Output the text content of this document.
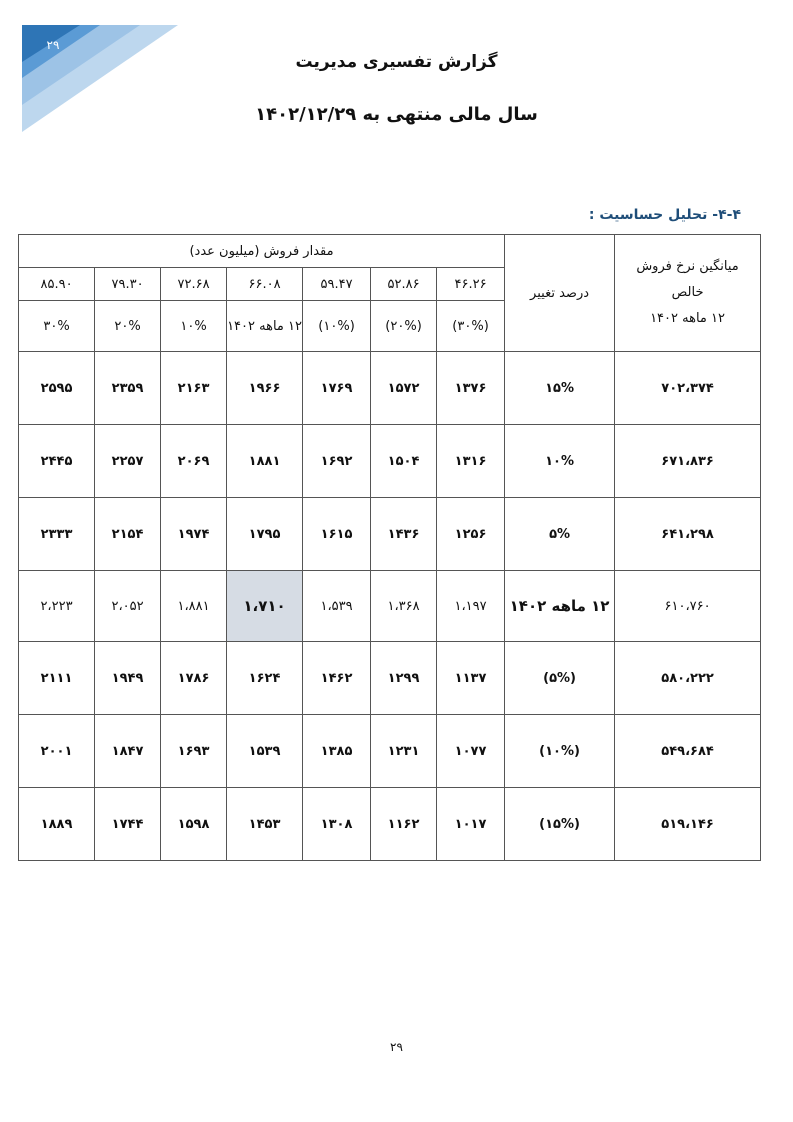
۲۹
گزارش تفسیری مدیریت
سال مالی منتهی به ۱۴۰۲/۱۲/۲۹
۴-۴- تحلیل حساسیت :
میانگین نرخ فروش
خالص
۱۲ ماهه ۱۴۰۲	درصد تغییر	مقدار فروش (میلیون عدد)						
		۴۶.۲۶	۵۲.۸۶	۵۹.۴۷	۶۶.۰۸	۷۲.۶۸	۷۹.۳۰	۸۵.۹۰
		(۳۰%)	(۲۰%)	(۱۰%)	۱۲ ماهه ۱۴۰۲	۱۰%	۲۰%	۳۰%
۷۰۲،۳۷۴	۱۵%	۱۳۷۶	۱۵۷۲	۱۷۶۹	۱۹۶۶	۲۱۶۳	۲۳۵۹	۲۵۹۵
۶۷۱،۸۳۶	۱۰%	۱۳۱۶	۱۵۰۴	۱۶۹۲	۱۸۸۱	۲۰۶۹	۲۲۵۷	۲۴۴۵
۶۴۱،۲۹۸	۵%	۱۲۵۶	۱۴۳۶	۱۶۱۵	۱۷۹۵	۱۹۷۴	۲۱۵۴	۲۳۳۳
۶۱۰،۷۶۰	۱۲ ماهه ۱۴۰۲	۱،۱۹۷	۱،۳۶۸	۱،۵۳۹	۱،۷۱۰	۱،۸۸۱	۲،۰۵۲	۲،۲۲۳
۵۸۰،۲۲۲	(۵%)	۱۱۳۷	۱۲۹۹	۱۴۶۲	۱۶۲۴	۱۷۸۶	۱۹۴۹	۲۱۱۱
۵۴۹،۶۸۴	(۱۰%)	۱۰۷۷	۱۲۳۱	۱۳۸۵	۱۵۳۹	۱۶۹۳	۱۸۴۷	۲۰۰۱
۵۱۹،۱۴۶	(۱۵%)	۱۰۱۷	۱۱۶۲	۱۳۰۸	۱۴۵۳	۱۵۹۸	۱۷۴۴	۱۸۸۹
۲۹
